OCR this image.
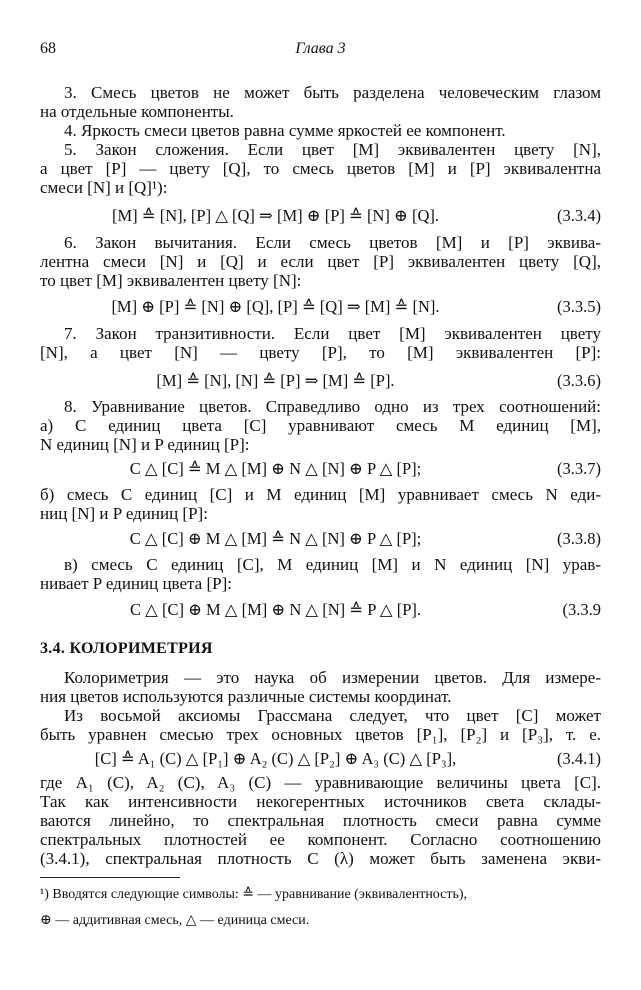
68	Глава 3
3. Смесь цветов не может быть разделена человеческим глазом
на отдельные компоненты.
4. Яркость смеси цветов равна сумме яркостей ее компонент.
5. Закон сложения. Если цвет [M] эквивалентен цвету [N],
а цвет [P] — цвету [Q], то смесь цветов [M] и [P] эквивалентна
смеси [N] и [Q]¹):
[M] ≙ [N], [P] △ [Q] ⇒ [M] ⊕ [P] ≙ [N] ⊕ [Q].	(3.3.4)
6. Закон вычитания. Если смесь цветов [M] и [P] эквива-
лентна смеси [N] и [Q] и если цвет [P] эквивалентен цвету [Q],
то цвет [M] эквивалентен цвету [N]:
[M] ⊕ [P] ≙ [N] ⊕ [Q], [P] ≙ [Q] ⇒ [M] ≙ [N].	(3.3.5)
7. Закон транзитивности. Если цвет [M] эквивалентен цвету
[N], а цвет [N] — цвету [P], то [M] эквивалентен [P]:
[M] ≙ [N], [N] ≙ [P] ⇒ [M] ≙ [P].	(3.3.6)
8. Уравнивание цветов. Справедливо одно из трех соотношений:
а) C единиц цвета [C] уравнивают смесь M единиц [M],
N единиц [N] и P единиц [P]:
C △ [C] ≙ M △ [M] ⊕ N △ [N] ⊕ P △ [P];	(3.3.7)
б) смесь C единиц [C] и M единиц [M] уравнивает смесь N еди-
ниц [N] и P единиц [P]:
C △ [C] ⊕ M △ [M] ≙ N △ [N] ⊕ P △ [P];	(3.3.8)
в) смесь C единиц [C], M единиц [M] и N единиц [N] урав-
нивает P единиц цвета [P]:
C △ [C] ⊕ M △ [M] ⊕ N △ [N] ≙ P △ [P].	(3.3.9
3.4. КОЛОРИМЕТРИЯ
Колориметрия — это наука об измерении цветов. Для измере-
ния цветов используются различные системы координат.
Из восьмой аксиомы Грассмана следует, что цвет [C] может
быть уравнен смесью трех основных цветов [P₁], [P₂] и [P₃], т. е.
[C] ≙ A₁ (C) △ [P₁] ⊕ A₂ (C) △ [P₂] ⊕ A₃ (C) △ [P₃],	(3.4.1)
где A₁ (C), A₂ (C), A₃ (C) — уравнивающие величины цвета [C].
Так как интенсивности некогерентных источников света склады-
ваются линейно, то спектральная плотность смеси равна сумме
спектральных плотностей ее компонент. Согласно соотношению
(3.4.1), спектральная плотность C (λ) может быть заменена экви-
¹) Вводятся следующие символы: ≙ — уравнивание (эквивалентность),
⊕ — аддитивная смесь, △ — единица смеси.
